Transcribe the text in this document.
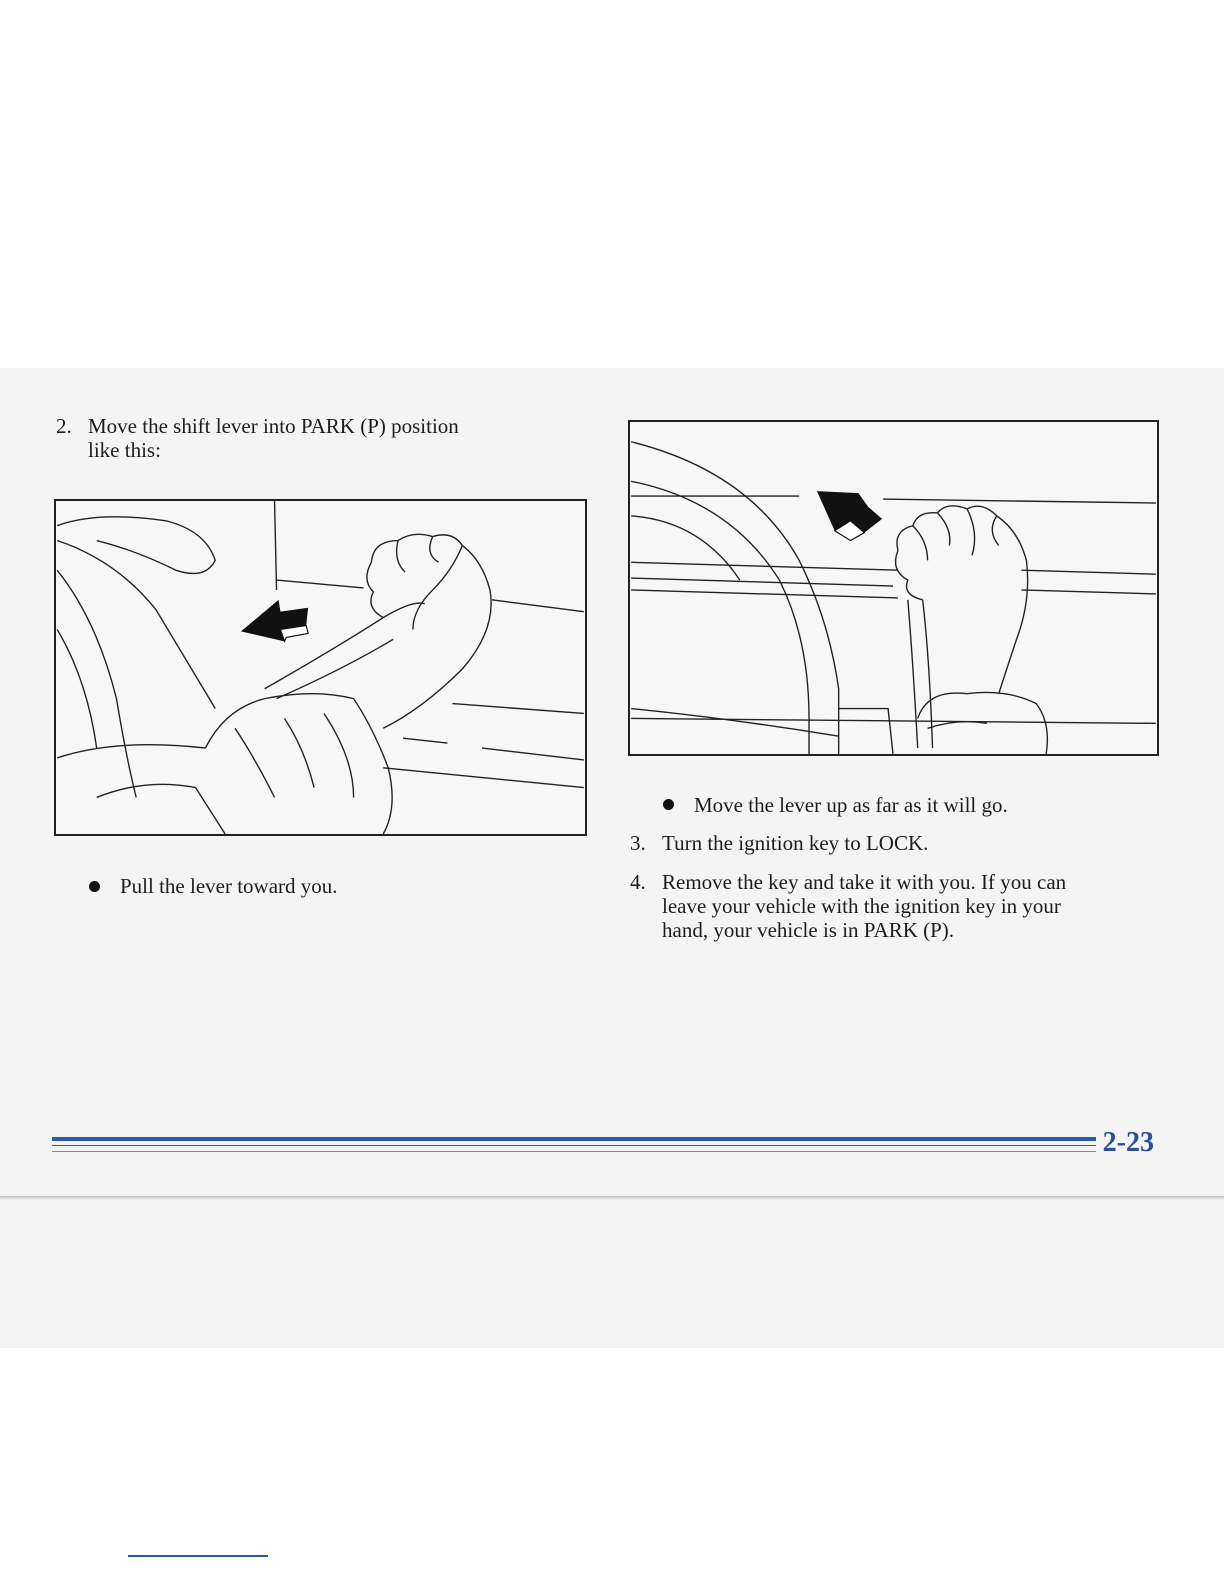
2. Move the shift lever into PARK (P) position
like this:
Pull the lever toward you.
Move the lever up as far as it will go.
3. Turn the ignition key to LOCK.
4. Remove the key and take it with you. If you can
leave your vehicle with the ignition key in your
hand, your vehicle is in PARK (P).
2-23
